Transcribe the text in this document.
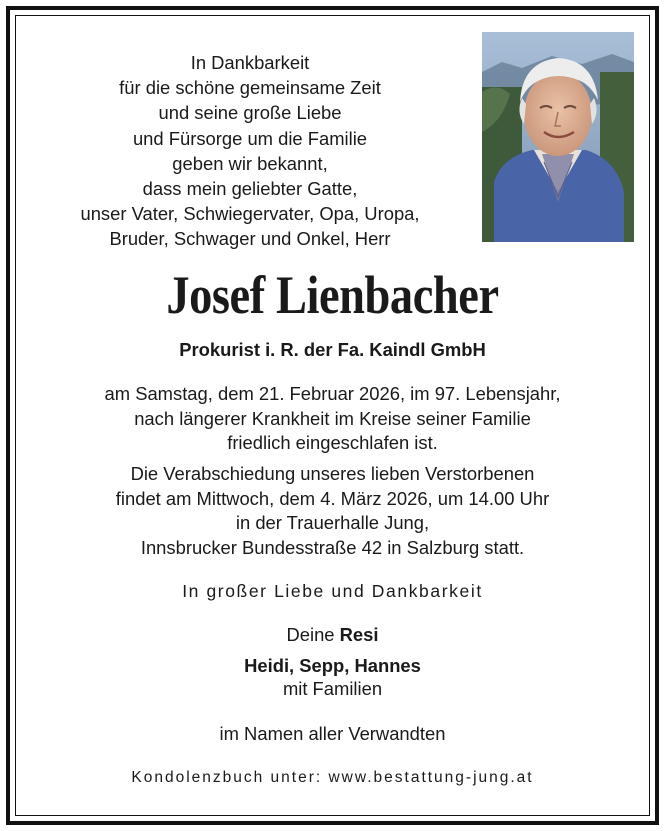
In Dankbarkeit
für die schöne gemeinsame Zeit
und seine große Liebe
und Fürsorge um die Familie
geben wir bekannt,
dass mein geliebter Gatte,
unser Vater, Schwiegervater, Opa, Uropa,
Bruder, Schwager und Onkel, Herr
Josef Lienbacher
Prokurist i. R. der Fa. Kaindl GmbH
am Samstag, dem 21. Februar 2026, im 97. Lebensjahr,
nach längerer Krankheit im Kreise seiner Familie
friedlich eingeschlafen ist.
Die Verabschiedung unseres lieben Verstorbenen
findet am Mittwoch, dem 4. März 2026, um 14.00 Uhr
in der Trauerhalle Jung,
Innsbrucker Bundesstraße 42 in Salzburg statt.
In großer Liebe und Dankbarkeit
Deine Resi
Heidi, Sepp, Hannes
mit Familien
im Namen aller Verwandten
Kondolenzbuch unter: www.bestattung-jung.at
